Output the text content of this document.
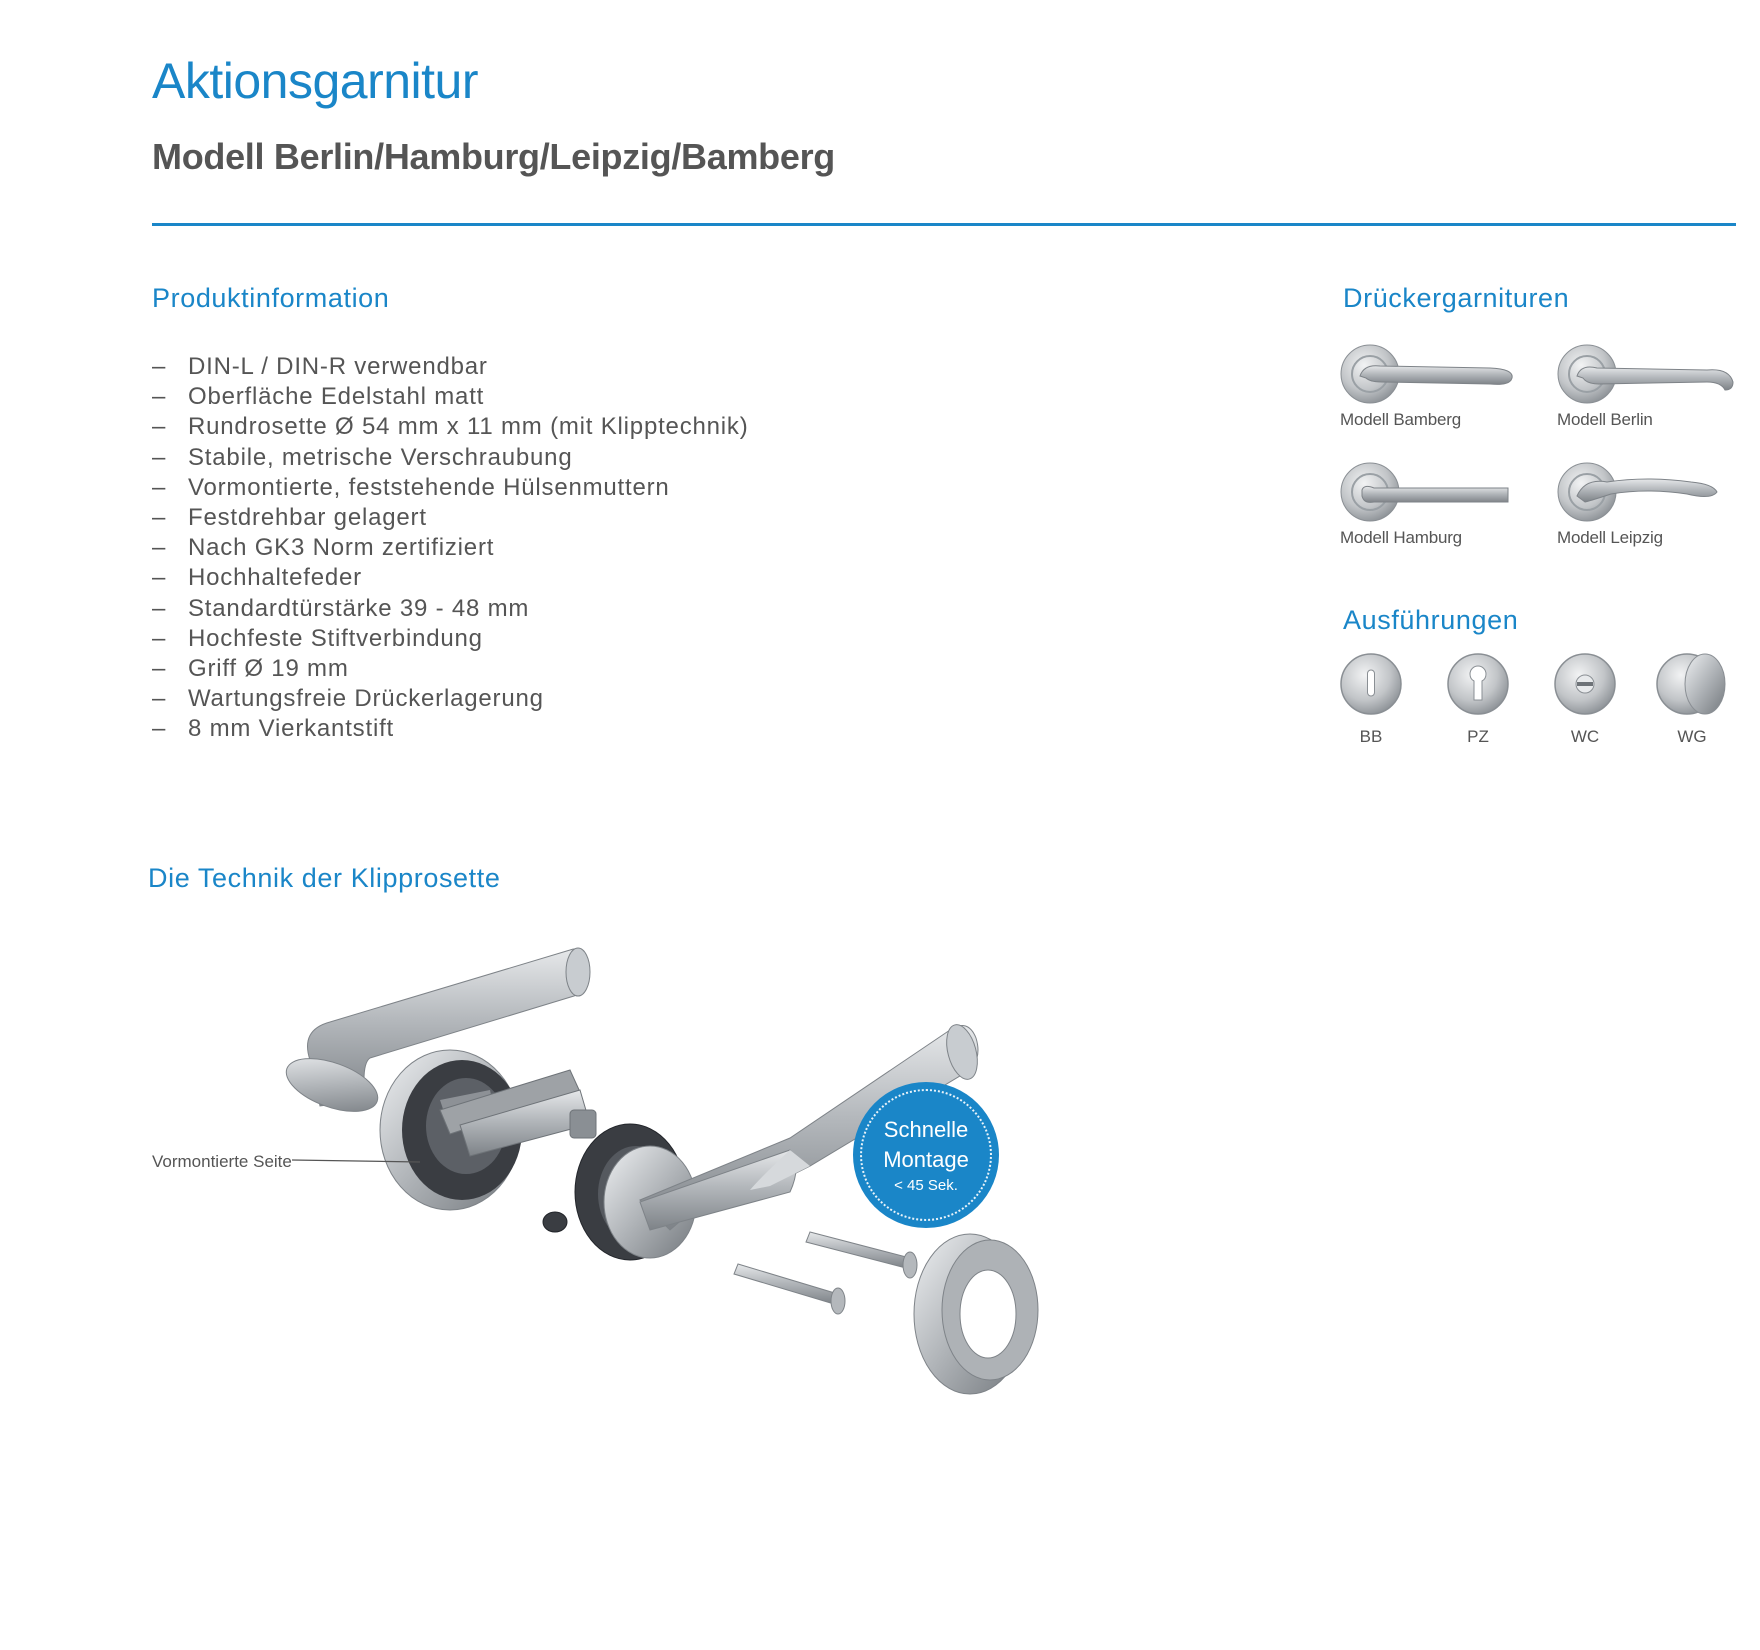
Aktionsgarnitur
Modell Berlin/Hamburg/Leipzig/Bamberg
Produktinformation
– DIN-L / DIN-R verwendbar
– Oberfläche Edelstahl matt
– Rundrosette Ø 54 mm x 11 mm (mit Klipptechnik)
– Stabile, metrische Verschraubung
– Vormontierte, feststehende Hülsenmuttern
– Festdrehbar gelagert
– Nach GK3 Norm zertifiziert
– Hochhaltefeder
– Standardtürstärke 39 - 48 mm
– Hochfeste Stiftverbindung
– Griff Ø 19 mm
– Wartungsfreie Drückerlagerung
– 8 mm Vierkantstift
Drückergarnituren
Modell Bamberg	Modell Berlin
Modell Hamburg	Modell Leipzig
Ausführungen
BB	PZ	WC	WG
Die Technik der Klipprosette
Vormontierte Seite
Schnelle
Montage
< 45 Sek.
